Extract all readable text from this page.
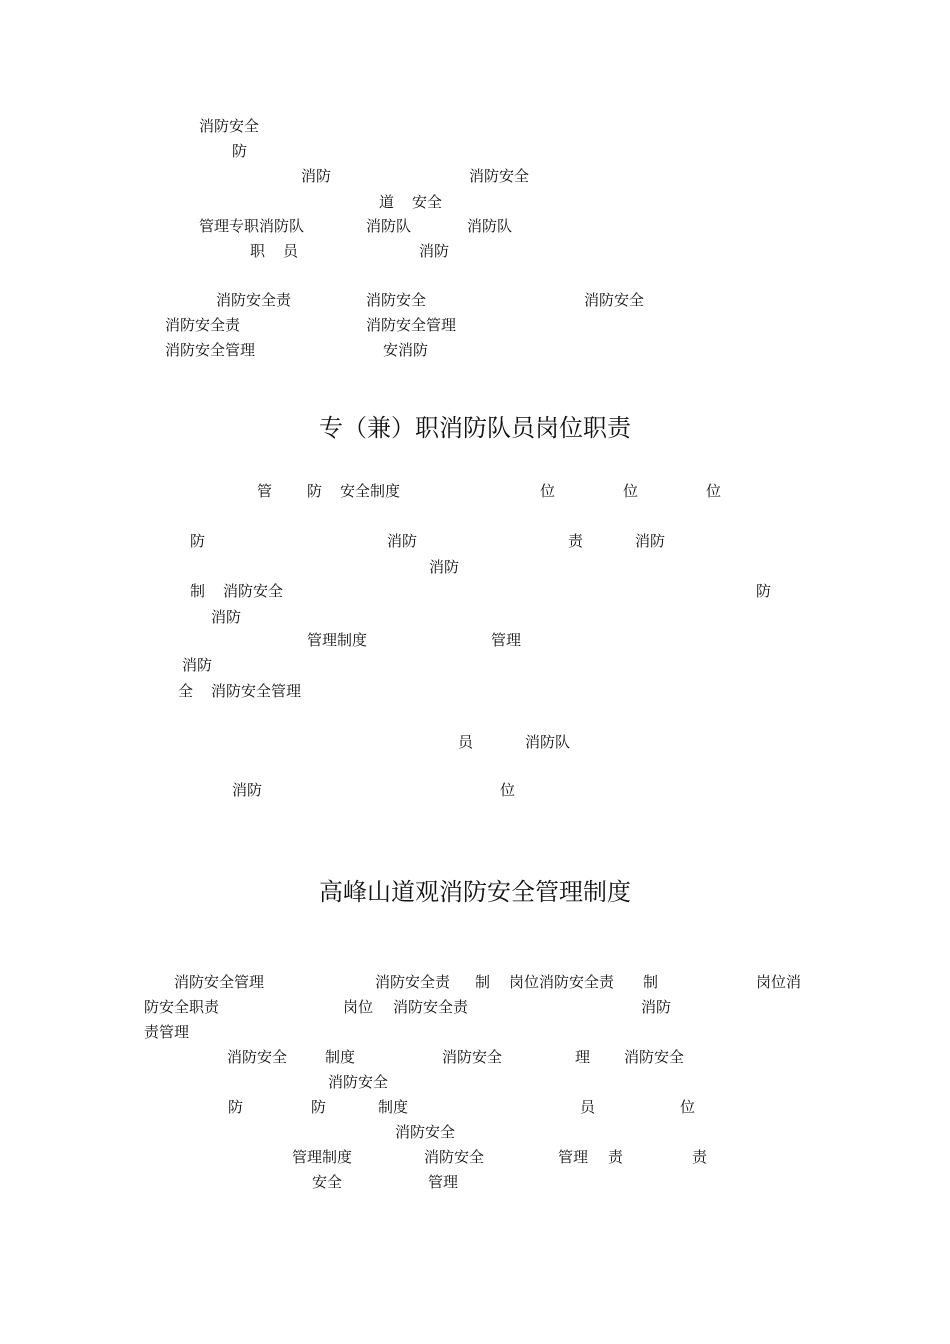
消防安全
防
消防	消防安全
道 安全
管理专职消防队	消防队	消防队
职 员	消防
消防安全责	消防安全	消防安全
消防安全责	消防安全管理
消防安全管理	安消防
专（兼）职消防队员岗位职责
管 防 安全制度	位	位	位
防	消防	责	消防
消防
制 消防安全	防
消防
管理制度	管理
消防
全 消防安全管理
员	消防队
消防	位
高峰山道观消防安全管理制度
消防安全管理	消防安全责 制 岗位消防安全责 制	岗位消
防安全职责	岗位 消防安全责	消防
责管理
消防安全	制度	消防安全	理 消防安全
消防安全
防	防	制度	员	位
消防安全
管理制度	消防安全	管理 责	责
安全	管理
